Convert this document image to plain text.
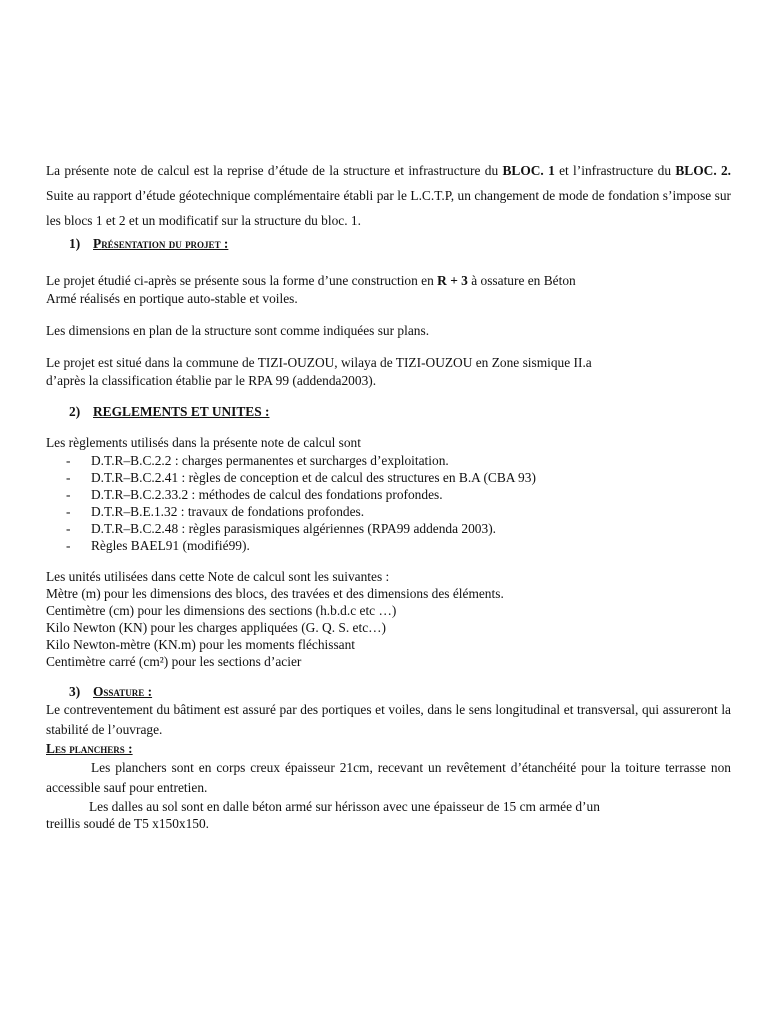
La présente note de calcul est la reprise d’étude de la structure et infrastructure du BLOC. 1 et l’infrastructure du BLOC. 2.

Suite au rapport d’étude géotechnique complémentaire établi par le L.C.T.P, un changement de mode de fondation s’impose sur les blocs 1 et 2 et un modificatif sur la structure du bloc. 1.

1) Présentation du projet :

Le projet étudié ci-après se présente sous la forme d’une construction en R + 3 à ossature en Béton

Armé réalisés en portique auto-stable et voiles.

Les dimensions en plan de la structure sont comme indiquées sur plans.

Le projet est situé dans la commune de TIZI-OUZOU, wilaya de TIZI-OUZOU en Zone sismique II.a

d’après la classification établie par le RPA 99 (addenda2003).

2) REGLEMENTS ET UNITES :

Les règlements utilisés dans la présente note de calcul sont

-	D.T.R–B.C.2.2 : charges permanentes et surcharges d’exploitation.
-	D.T.R–B.C.2.41 : règles de conception et de calcul des structures en B.A (CBA 93)
-	D.T.R–B.C.2.33.2 : méthodes de calcul des fondations profondes.
-	D.T.R–B.E.1.32 : travaux de fondations profondes.
-	D.T.R–B.C.2.48 : règles parasismiques algériennes (RPA99 addenda 2003).
-	Règles BAEL91 (modifié99).

Les unités utilisées dans cette Note de calcul sont les suivantes :

Mètre (m) pour les dimensions des blocs, des travées et des dimensions des éléments.

Centimètre (cm) pour les dimensions des sections (h.b.d.c etc …)

Kilo Newton (KN) pour les charges appliquées (G. Q. S. etc…)

Kilo Newton-mètre (KN.m) pour les moments fléchissant

Centimètre carré (cm²) pour les sections d’acier

3) Ossature :

Le contreventement du bâtiment est assuré par des portiques et voiles, dans le sens longitudinal et transversal, qui assureront la stabilité de l’ouvrage.

Les planchers :

Les planchers sont en corps creux épaisseur 21cm, recevant un revêtement d’étanchéité pour la toiture terrasse non accessible sauf pour entretien.

Les dalles au sol sont en dalle béton armé sur hérisson avec une épaisseur de 15 cm armée d’un

treillis soudé de T5 x150x150.
